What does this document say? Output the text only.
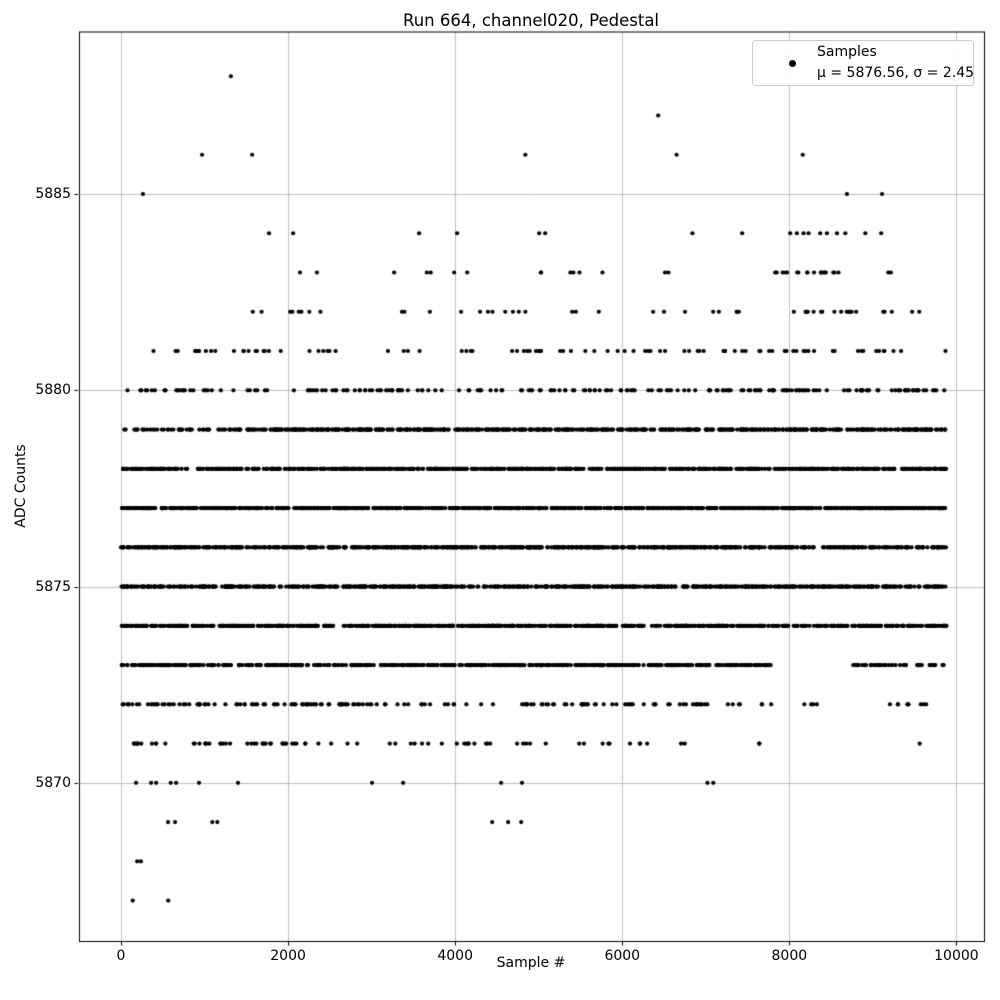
Run 664, channel020, Pedestal
Sample #
ADC Counts
Samples
μ = 5876.56, σ = 2.45
0	2000	4000	6000	8000	10000
5870
5875
5880
5885
